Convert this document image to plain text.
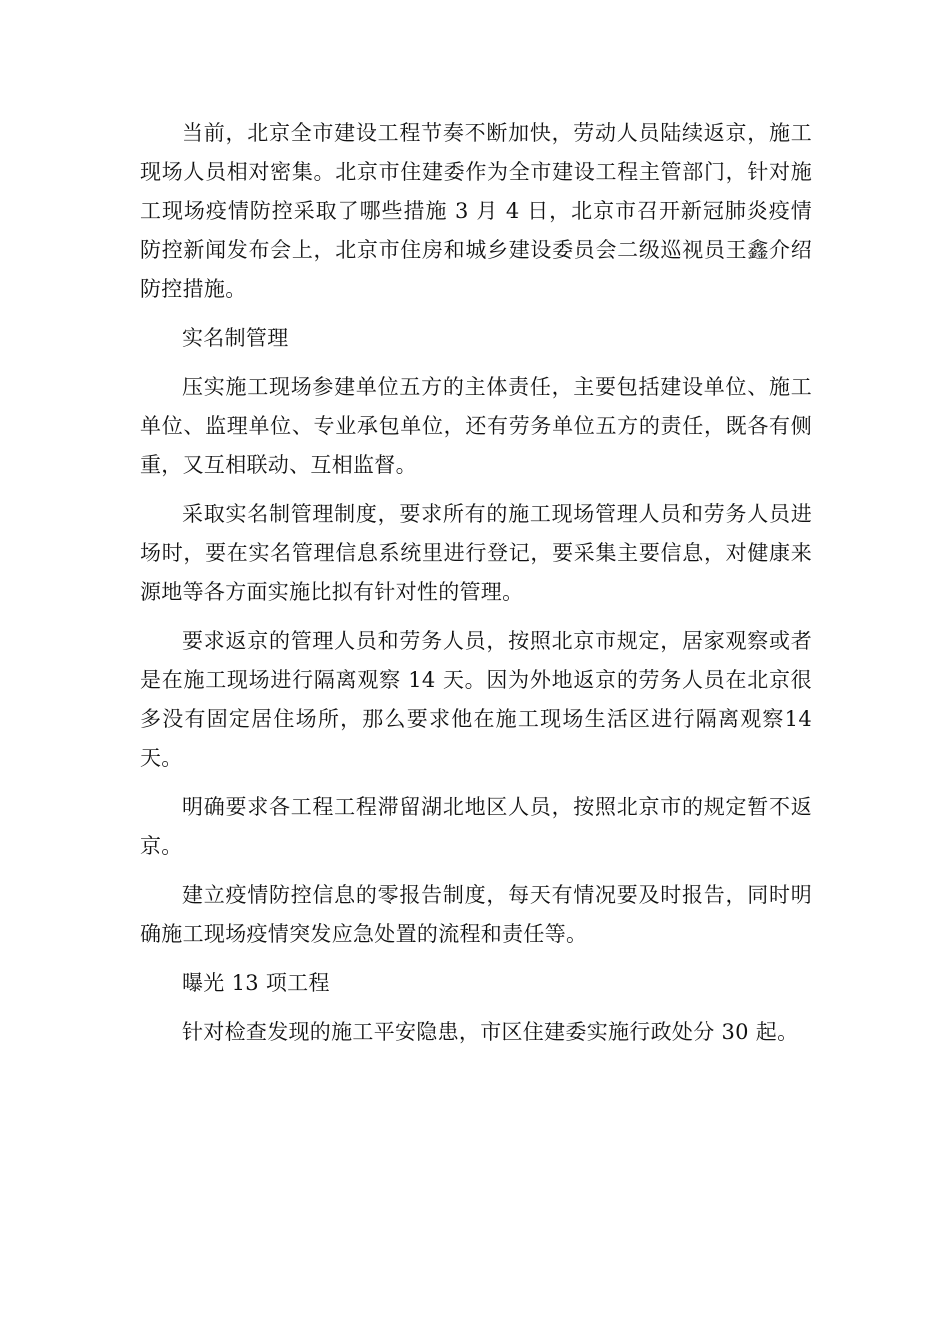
当前，北京全市建设工程节奏不断加快，劳动人员陆续返京，施工现场人员相对密集。北京市住建委作为全市建设工程主管部门，针对施工现场疫情防控采取了哪些措施 3 月 4 日，北京市召开新冠肺炎疫情防控新闻发布会上，北京市住房和城乡建设委员会二级巡视员王鑫介绍防控措施。

实名制管理

压实施工现场参建单位五方的主体责任，主要包括建设单位、施工单位、监理单位、专业承包单位，还有劳务单位五方的责任，既各有侧重，又互相联动、互相监督。

采取实名制管理制度，要求所有的施工现场管理人员和劳务人员进场时，要在实名管理信息系统里进行登记，要采集主要信息，对健康来源地等各方面实施比拟有针对性的管理。

要求返京的管理人员和劳务人员，按照北京市规定，居家观察或者是在施工现场进行隔离观察 14 天。因为外地返京的劳务人员在北京很多没有固定居住场所，那么要求他在施工现场生活区进行隔离观察14 天。

明确要求各工程工程滞留湖北地区人员，按照北京市的规定暂不返京。

建立疫情防控信息的零报告制度，每天有情况要及时报告，同时明确施工现场疫情突发应急处置的流程和责任等。

曝光 13 项工程

针对检查发现的施工平安隐患，市区住建委实施行政处分 30 起。
